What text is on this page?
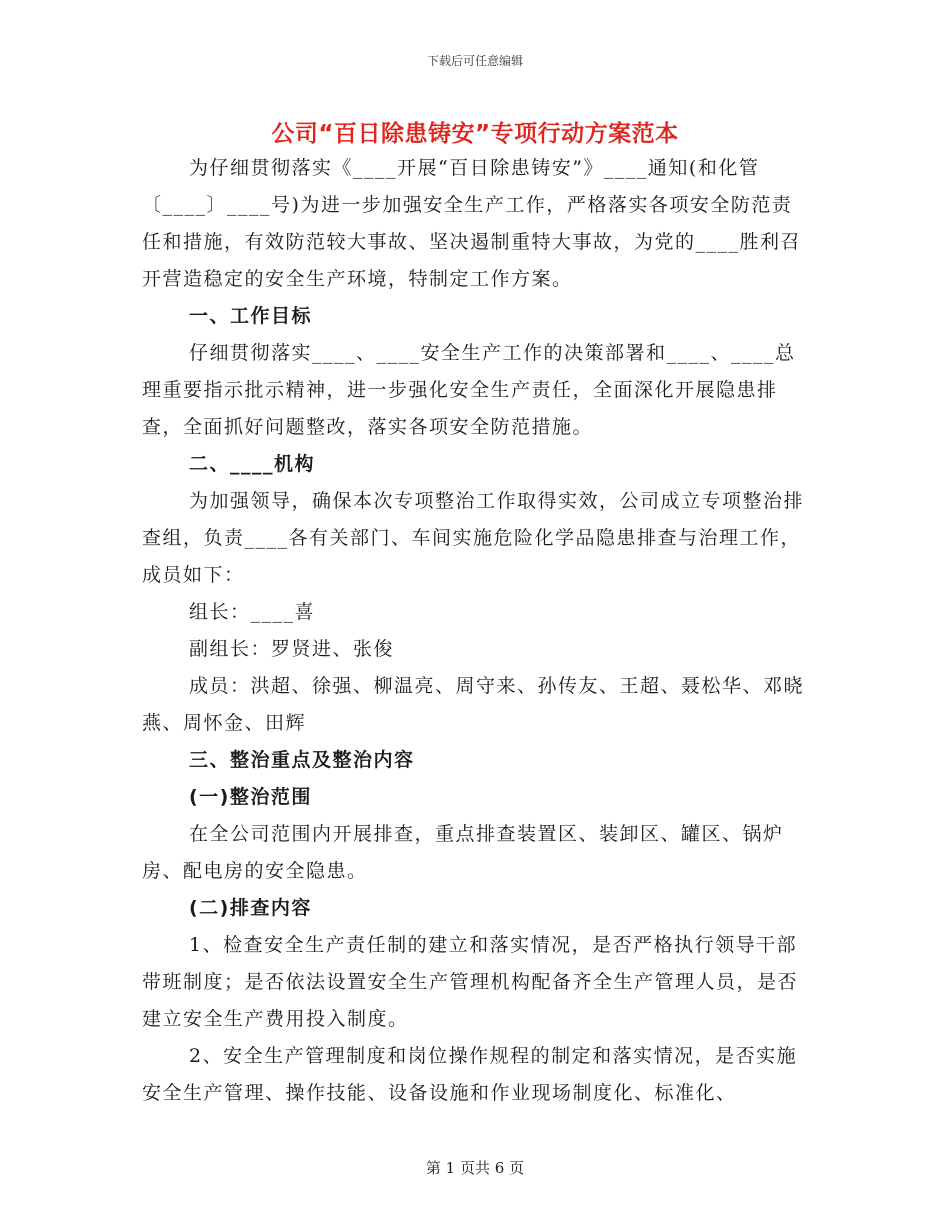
下载后可任意编辑
公司“百日除患铸安”专项行动方案范本

为仔细贯彻落实《____开展“百日除患铸安”》____通知(和化管〔____〕____号)为进一步加强安全生产工作，严格落实各项安全防范责任和措施，有效防范较大事故、坚决遏制重特大事故，为党的____胜利召开营造稳定的安全生产环境，特制定工作方案。

一、工作目标

仔细贯彻落实____、____安全生产工作的决策部署和____、____总理重要指示批示精神，进一步强化安全生产责任，全面深化开展隐患排查，全面抓好问题整改，落实各项安全防范措施。

二、____机构

为加强领导，确保本次专项整治工作取得实效，公司成立专项整治排查组，负责____各有关部门、车间实施危险化学品隐患排查与治理工作，成员如下：

组长：____喜

副组长：罗贤进、张俊

成员：洪超、徐强、柳温亮、周守来、孙传友、王超、聂松华、邓晓燕、周怀金、田辉

三、整治重点及整治内容

(一)整治范围

在全公司范围内开展排查，重点排查装置区、装卸区、罐区、锅炉房、配电房的安全隐患。

(二)排查内容

1、检查安全生产责任制的建立和落实情况，是否严格执行领导干部带班制度；是否依法设置安全生产管理机构配备齐全生产管理人员，是否建立安全生产费用投入制度。

2、安全生产管理制度和岗位操作规程的制定和落实情况，是否实施安全生产管理、操作技能、设备设施和作业现场制度化、标准化、

第 1 页共 6 页
